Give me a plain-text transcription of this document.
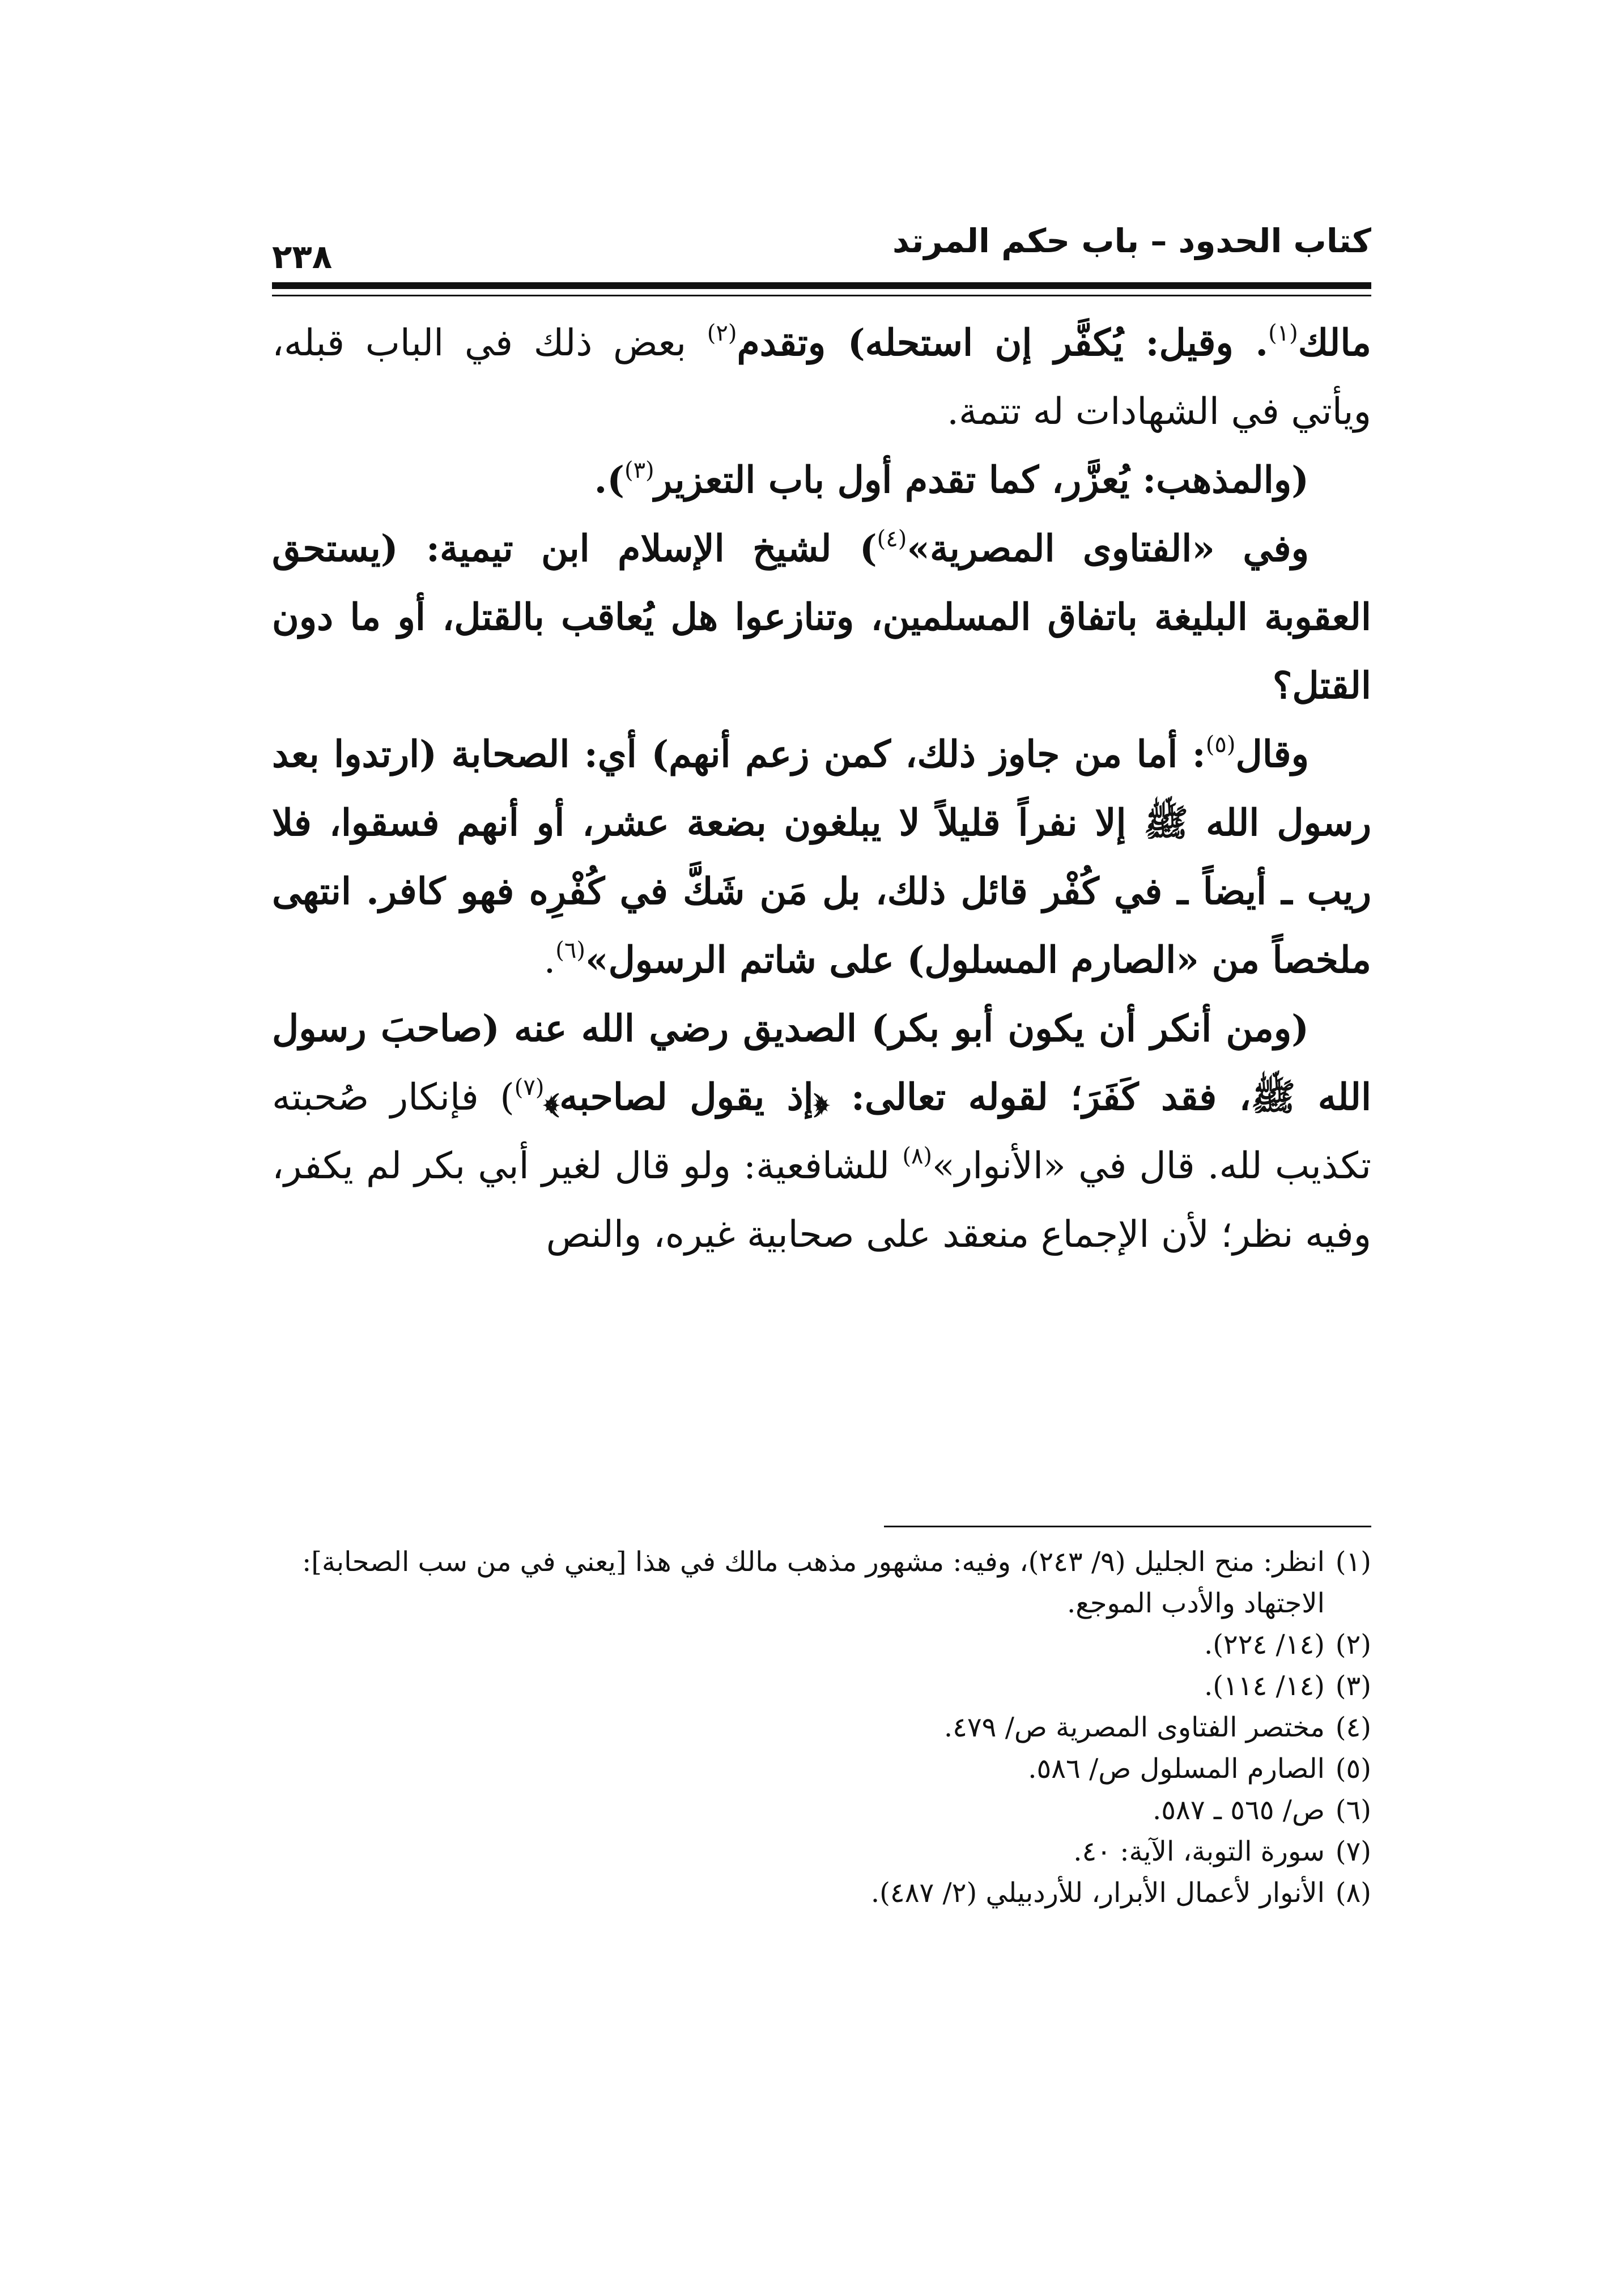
كتاب الحدود – باب حكم المرتد
٢٣٨

مالك$^{(١)}$. وقيل: يُكفَّر إن استحله) وتقدم$^{(٢)}$ بعض ذلك في الباب قبله، ويأتي في الشهادات له تتمة.

(والمذهب: يُعزَّر، كما تقدم أول باب التعزير$^{(٣)}$).

وفي «الفتاوى المصرية»$^{(٤)}$) لشيخ الإسلام ابن تيمية: (يستحق العقوبة البليغة باتفاق المسلمين، وتنازعوا هل يُعاقب بالقتل، أو ما دون القتل؟

وقال$^{(٥)}$: أما من جاوز ذلك، كمن زعم أنهم) أي: الصحابة (ارتدوا بعد رسول الله ﷺ إلا نفراً قليلاً لا يبلغون بضعة عشر، أو أنهم فسقوا، فلا ريب ـ أيضاً ـ في كُفْر قائل ذلك، بل مَن شَكَّ في كُفْرِه فهو كافر. انتهى ملخصاً من «الصارم المسلول) على شاتم الرسول»$^{(٦)}$.

(ومن أنكر أن يكون أبو بكر) الصديق رضي الله عنه (صاحبَ رسول الله ﷺ، فقد كَفَرَ؛ لقوله تعالى: ﴿إذ يقول لصاحبه﴾$^{(٧)}$) فإنكار صُحبته تكذيب لله. قال في «الأنوار»$^{(٨)}$ للشافعية: ولو قال لغير أبي بكر لم يكفر، وفيه نظر؛ لأن الإجماع منعقد على صحابية غيره، والنص

(١)
انظر: منح الجليل (٩/ ٢٤٣)، وفيه: مشهور مذهب مالك في هذا [يعني في من سب الصحابة]: الاجتهاد والأدب الموجع.
(٢)
(١٤/ ٢٢٤).
(٣)
(١٤/ ١١٤).
(٤)
مختصر الفتاوى المصرية ص/ ٤٧٩.
(٥)
الصارم المسلول ص/ ٥٨٦.
(٦)
ص/ ٥٦٥ ـ ٥٨٧.
(٧)
سورة التوبة، الآية: ٤٠.
(٨)
الأنوار لأعمال الأبرار، للأردبيلي (٢/ ٤٨٧).
